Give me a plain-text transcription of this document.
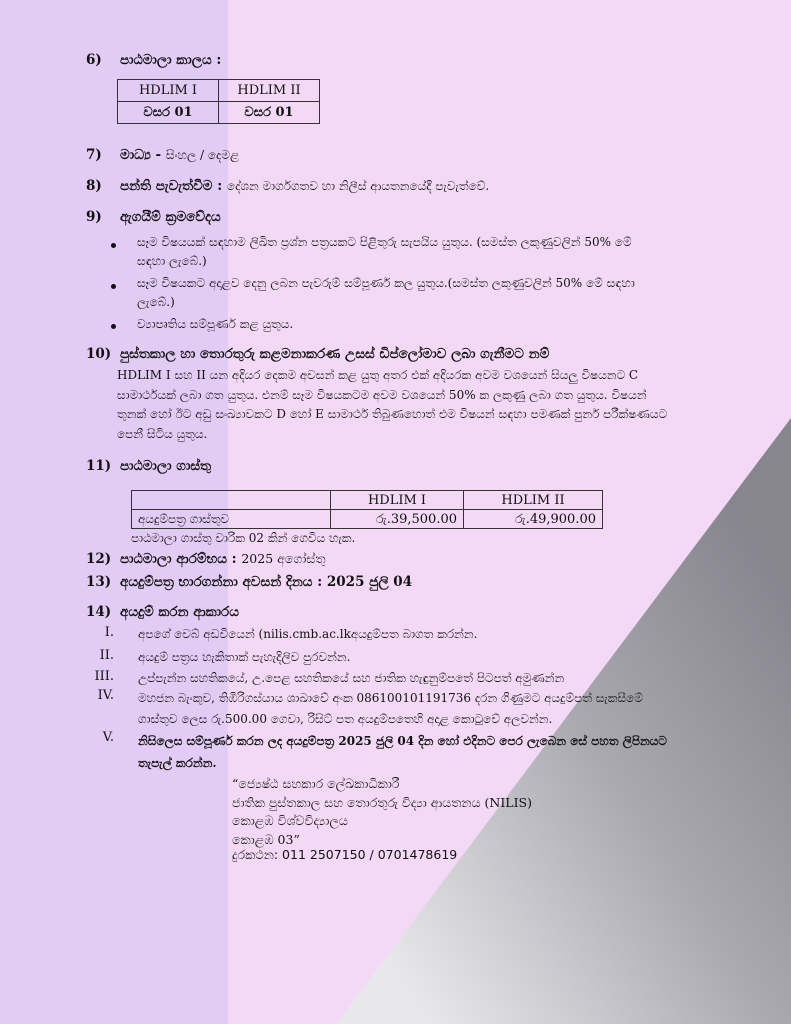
6) පාඨමාලා කාලය :
HDLIM I	HDLIM II
වසර 01	වසර 01
7) මාධ්‍ය - සිංහල / දෙමළ
8) පන්ති පැවැත්වීම : දේශන මාර්ගගතව හා නිලීස් ආයතනයේදී පැවැත්වේ.
9) ඇගයීම් ක්‍රමවේදය
සෑම විෂයයක් සඳහාම ලිඛිත ප්‍රශ්න පත්‍රයකට පිළිතුරු සැපයිය යුතුය. (සමස්ත ලකුණුවලින් 50% මේ
සඳහා ලැබේ.)
සෑම විෂයකට අදාළව දෙනු ලබන පැවරුම් සම්පූර්ණ කල යුතුය.(සමස්ත ලකුණුවලින් 50% මේ සඳහා
ලැබේ.)
ව්‍යාපෘතිය සම්පූර්ණ කළ යුතුය.
10) පුස්තකාල හා තොරතුරු කළමනාකරණ උසස් ඩිප්ලෝමාව ලබා ගැනීමට නම්
HDLIM I සහ II යන අදියර දෙකම අවසන් කළ යුතු අතර එක් අදියරක අවම වශයෙන් සියලු විෂයනට C
සාමාර්ථයක් ලබා ගත යුතුය. එනම් සෑම විෂයකටම අවම වශයෙන් 50% ක ලකුණු ලබා ගත යුතුය. විෂයන්
තුනක් හෝ ඊට අඩු සංඛ්‍යාවකට D හෝ E සාමාර්ථ තිබුණහොත් එම විෂයන් සඳහා පමණක් පුනර් පරීක්ෂණයට
පෙනී සිටිය යුතුය.
11) පාඨමාලා ගාස්තු
	HDLIM I	HDLIM II
අයදුම්පත්‍ර ගාස්තුව	රු.39,500.00	රු.49,900.00
පාඨමාලා ගාස්තු වාරික 02 කින් ගෙවිය හැක.
12) පාඨමාලා ආරම්භය : 2025 අගෝස්තු
13) අයදුම්පත්‍ර භාරගන්නා අවසන් දිනය : 2025 ජුලි 04
14) අයදුම් කරන ආකාරය
I. අපගේ වෙබ් අඩවියෙන් (nilis.cmb.ac.lkඅයදුම්පත බාගත කරන්න.
II. අයදුම් පත්‍රය හැකිතාක් පැහැදිලිව පුරවන්න.
III. උප්පැන්න සහතිකයේ, උ.පෙළ සහතිකයේ සහ ජාතික හැඳුනුම්පතේ පිටපත් අමුණන්න
IV. මහජන බැංකුව, තිඹිරිගස්යාය ශාඛාවේ අංක 086100101191736 දරන ගිණුමට අයදුම්පත් සැකසීමේ
ගාස්තුව ලෙස රු.500.00 ගෙවා, රිසිට් පත අයදුම්පතෙහි අදාළ කොටුවේ අලවන්න.
V. නිසිලෙස සම්පූර්ණ කරන ලද අයදුම්පත්‍ර 2025 ජුලි 04 දින හෝ එදිනට පෙර ලැබෙන සේ පහත ලිපිනයට
තැපැල් කරන්න.
“ජ්‍යෙෂ්ඨ සහකාර ලේඛකාධිකාරී
ජාතික පුස්තකාල සහ තොරතුරු විද්‍යා ආයතනය (NILIS)
කොළඹ විශ්වවිද්‍යාලය
කොළඹ 03”
දුරකථන: 011 2507150 / 0701478619
